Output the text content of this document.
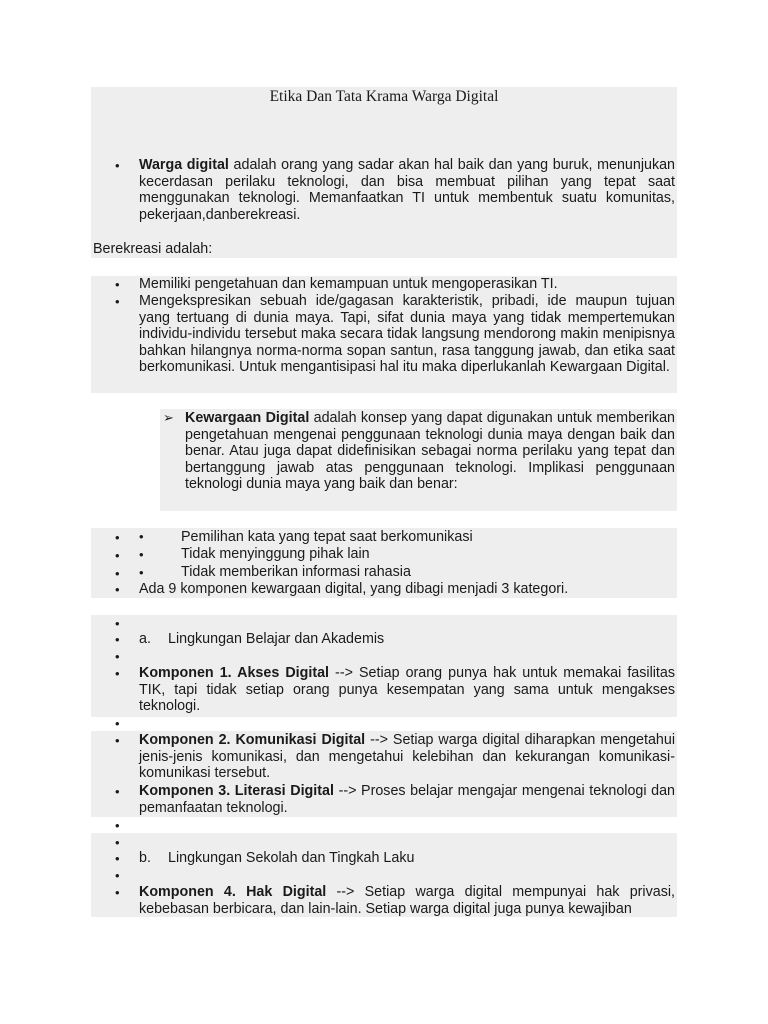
Etika Dan Tata Krama Warga Digital
• Warga digital adalah orang yang sadar akan hal baik dan yang buruk, menunjukan kecerdasan perilaku teknologi, dan bisa membuat pilihan yang tepat saat menggunakan teknologi. Memanfaatkan TI untuk membentuk suatu komunitas, pekerjaan,danberekreasi.
Berekreasi adalah:
• Memiliki pengetahuan dan kemampuan untuk mengoperasikan TI.
• Mengekspresikan sebuah ide/gagasan karakteristik, pribadi, ide maupun tujuan yang tertuang di dunia maya. Tapi, sifat dunia maya yang tidak mempertemukan individu-individu tersebut maka secara tidak langsung mendorong makin menipisnya bahkan hilangnya norma-norma sopan santun, rasa tanggung jawab, dan etika saat berkomunikasi. Untuk mengantisipasi hal itu maka diperlukanlah Kewargaan Digital.
➢ Kewargaan Digital adalah konsep yang dapat digunakan untuk memberikan pengetahuan mengenai penggunaan teknologi dunia maya dengan baik dan benar. Atau juga dapat didefinisikan sebagai norma perilaku yang tepat dan bertanggung jawab atas penggunaan teknologi. Implikasi penggunaan teknologi dunia maya yang baik dan benar:
• •	Pemilihan kata yang tepat saat berkomunikasi
• •	Tidak menyinggung pihak lain
• •	Tidak memberikan informasi rahasia
• Ada 9 komponen kewargaan digital, yang dibagi menjadi 3 kategori.
•
• a. Lingkungan Belajar dan Akademis
•
• Komponen 1. Akses Digital --> Setiap orang punya hak untuk memakai fasilitas TIK, tapi tidak setiap orang punya kesempatan yang sama untuk mengakses teknologi.
•
• Komponen 2. Komunikasi Digital --> Setiap warga digital diharapkan mengetahui jenis-jenis komunikasi, dan mengetahui kelebihan dan kekurangan komunikasi-komunikasi tersebut.
• Komponen 3. Literasi Digital --> Proses belajar mengajar mengenai teknologi dan pemanfaatan teknologi.
•
•
• b. Lingkungan Sekolah dan Tingkah Laku
•
• Komponen 4. Hak Digital --> Setiap warga digital mempunyai hak privasi, kebebasan berbicara, dan lain-lain. Setiap warga digital juga punya kewajiban
